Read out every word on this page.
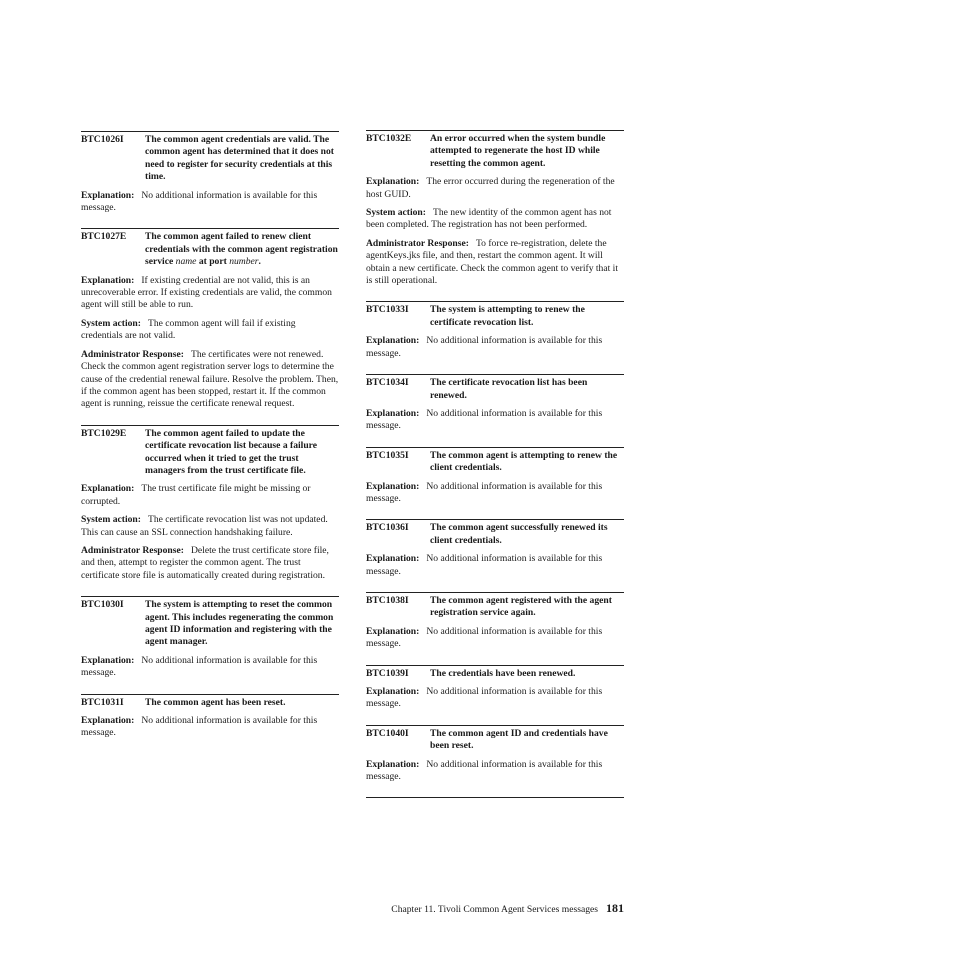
BTC1026I	The common agent credentials are valid. The common agent has determined that it does not need to register for security credentials at this time.
Explanation: No additional information is available for this message.
BTC1027E	The common agent failed to renew client credentials with the common agent registration service name at port number.
Explanation: If existing credential are not valid, this is an unrecoverable error. If existing credentials are valid, the common agent will still be able to run.
System action: The common agent will fail if existing credentials are not valid.
Administrator Response: The certificates were not renewed. Check the common agent registration server logs to determine the cause of the credential renewal failure. Resolve the problem. Then, if the common agent has been stopped, restart it. If the common agent is running, reissue the certificate renewal request.
BTC1029E	The common agent failed to update the certificate revocation list because a failure occurred when it tried to get the trust managers from the trust certificate file.
Explanation: The trust certificate file might be missing or corrupted.
System action: The certificate revocation list was not updated. This can cause an SSL connection handshaking failure.
Administrator Response: Delete the trust certificate store file, and then, attempt to register the common agent. The trust certificate store file is automatically created during registration.
BTC1030I	The system is attempting to reset the common agent. This includes regenerating the common agent ID information and registering with the agent manager.
Explanation: No additional information is available for this message.
BTC1031I	The common agent has been reset.
Explanation: No additional information is available for this message.
BTC1032E	An error occurred when the system bundle attempted to regenerate the host ID while resetting the common agent.
Explanation: The error occurred during the regeneration of the host GUID.
System action: The new identity of the common agent has not been completed. The registration has not been performed.
Administrator Response: To force re-registration, delete the agentKeys.jks file, and then, restart the common agent. It will obtain a new certificate. Check the common agent to verify that it is still operational.
BTC1033I	The system is attempting to renew the certificate revocation list.
Explanation: No additional information is available for this message.
BTC1034I	The certificate revocation list has been renewed.
Explanation: No additional information is available for this message.
BTC1035I	The common agent is attempting to renew the client credentials.
Explanation: No additional information is available for this message.
BTC1036I	The common agent successfully renewed its client credentials.
Explanation: No additional information is available for this message.
BTC1038I	The common agent registered with the agent registration service again.
Explanation: No additional information is available for this message.
BTC1039I	The credentials have been renewed.
Explanation: No additional information is available for this message.
BTC1040I	The common agent ID and credentials have been reset.
Explanation: No additional information is available for this message.
Chapter 11. Tivoli Common Agent Services messages 181
